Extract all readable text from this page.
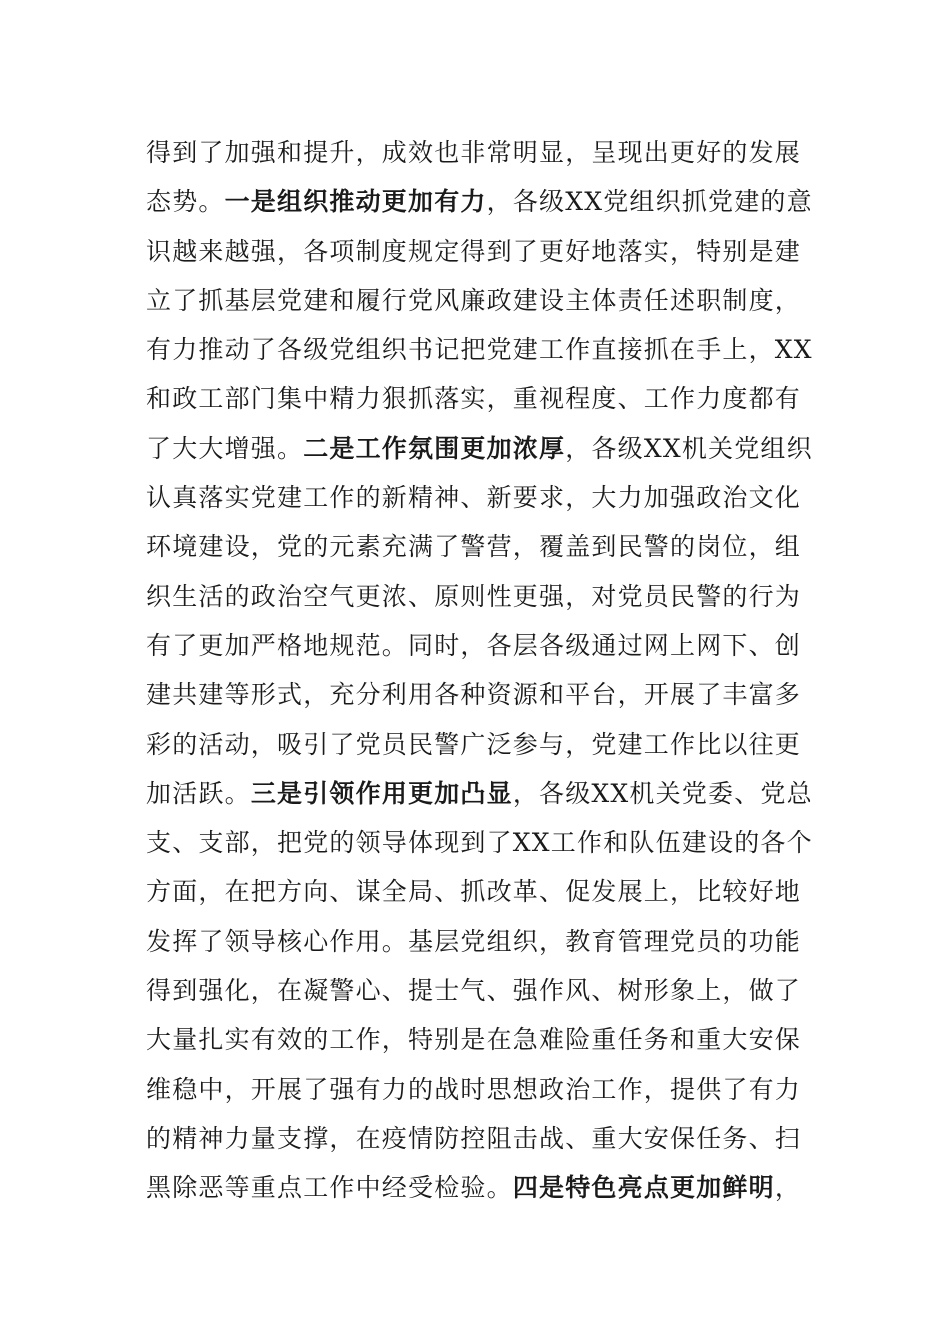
得到了加强和提升，成效也非常明显，呈现出更好的发展
态势。一是组织推动更加有力，各级XX党组织抓党建的意
识越来越强，各项制度规定得到了更好地落实，特别是建
立了抓基层党建和履行党风廉政建设主体责任述职制度，
有力推动了各级党组织书记把党建工作直接抓在手上，XX
和政工部门集中精力狠抓落实，重视程度、工作力度都有
了大大增强。二是工作氛围更加浓厚，各级XX机关党组织
认真落实党建工作的新精神、新要求，大力加强政治文化
环境建设，党的元素充满了警营，覆盖到民警的岗位，组
织生活的政治空气更浓、原则性更强，对党员民警的行为
有了更加严格地规范。同时，各层各级通过网上网下、创
建共建等形式，充分利用各种资源和平台，开展了丰富多
彩的活动，吸引了党员民警广泛参与，党建工作比以往更
加活跃。三是引领作用更加凸显，各级XX机关党委、党总
支、支部，把党的领导体现到了XX工作和队伍建设的各个
方面，在把方向、谋全局、抓改革、促发展上，比较好地
发挥了领导核心作用。基层党组织，教育管理党员的功能
得到强化，在凝警心、提士气、强作风、树形象上，做了
大量扎实有效的工作，特别是在急难险重任务和重大安保
维稳中，开展了强有力的战时思想政治工作，提供了有力
的精神力量支撑，在疫情防控阻击战、重大安保任务、扫
黑除恶等重点工作中经受检验。四是特色亮点更加鲜明，
